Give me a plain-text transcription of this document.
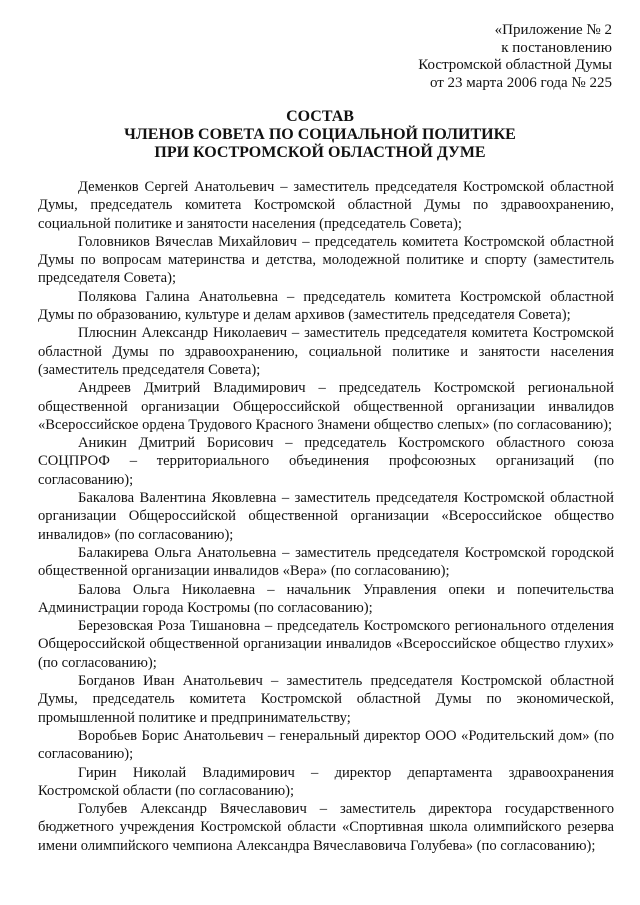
«Приложение № 2
к постановлению
Костромской областной Думы
от 23 марта 2006 года № 225
СОСТАВ
ЧЛЕНОВ СОВЕТА ПО СОЦИАЛЬНОЙ ПОЛИТИКЕ
ПРИ КОСТРОМСКОЙ ОБЛАСТНОЙ ДУМЕ

Деменков Сергей Анатольевич – заместитель председателя Костромской областной Думы, председатель комитета Костромской областной Думы по здравоохранению, социальной политике и занятости населения (председатель Совета);

Головников Вячеслав Михайлович – председатель комитета Костромской областной Думы по вопросам материнства и детства, молодежной политике и спорту (заместитель председателя Совета);

Полякова Галина Анатольевна – председатель комитета Костромской областной Думы по образованию, культуре и делам архивов (заместитель председателя Совета);

Плюснин Александр Николаевич – заместитель председателя комитета Костромской областной Думы по здравоохранению, социальной политике и занятости населения (заместитель председателя Совета);

Андреев Дмитрий Владимирович – председатель Костромской региональной общественной организации Общероссийской общественной организации инвалидов «Всероссийское ордена Трудового Красного Знамени общество слепых» (по согласованию);

Аникин Дмитрий Борисович – председатель Костромского областного союза СОЦПРОФ – территориального объединения профсоюзных организаций (по согласованию);

Бакалова Валентина Яковлевна – заместитель председателя Костромской областной организации Общероссийской общественной организации «Всероссийское общество инвалидов» (по согласованию);

Балакирева Ольга Анатольевна – заместитель председателя Костромской городской общественной организации инвалидов «Вера» (по согласованию);

Балова Ольга Николаевна – начальник Управления опеки и попечительства Администрации города Костромы (по согласованию);

Березовская Роза Тишановна – председатель Костромского регионального отделения Общероссийской общественной организации инвалидов «Всероссийское общество глухих» (по согласованию);

Богданов Иван Анатольевич – заместитель председателя Костромской областной Думы, председатель комитета Костромской областной Думы по экономической, промышленной политике и предпринимательству;

Воробьев Борис Анатольевич – генеральный директор ООО «Родительский дом» (по согласованию);

Гирин Николай Владимирович – директор департамента здравоохранения Костромской области (по согласованию);

Голубев Александр Вячеславович – заместитель директора государственного бюджетного учреждения Костромской области «Спортивная школа олимпийского резерва имени олимпийского чемпиона Александра Вячеславовича Голубева» (по согласованию);
